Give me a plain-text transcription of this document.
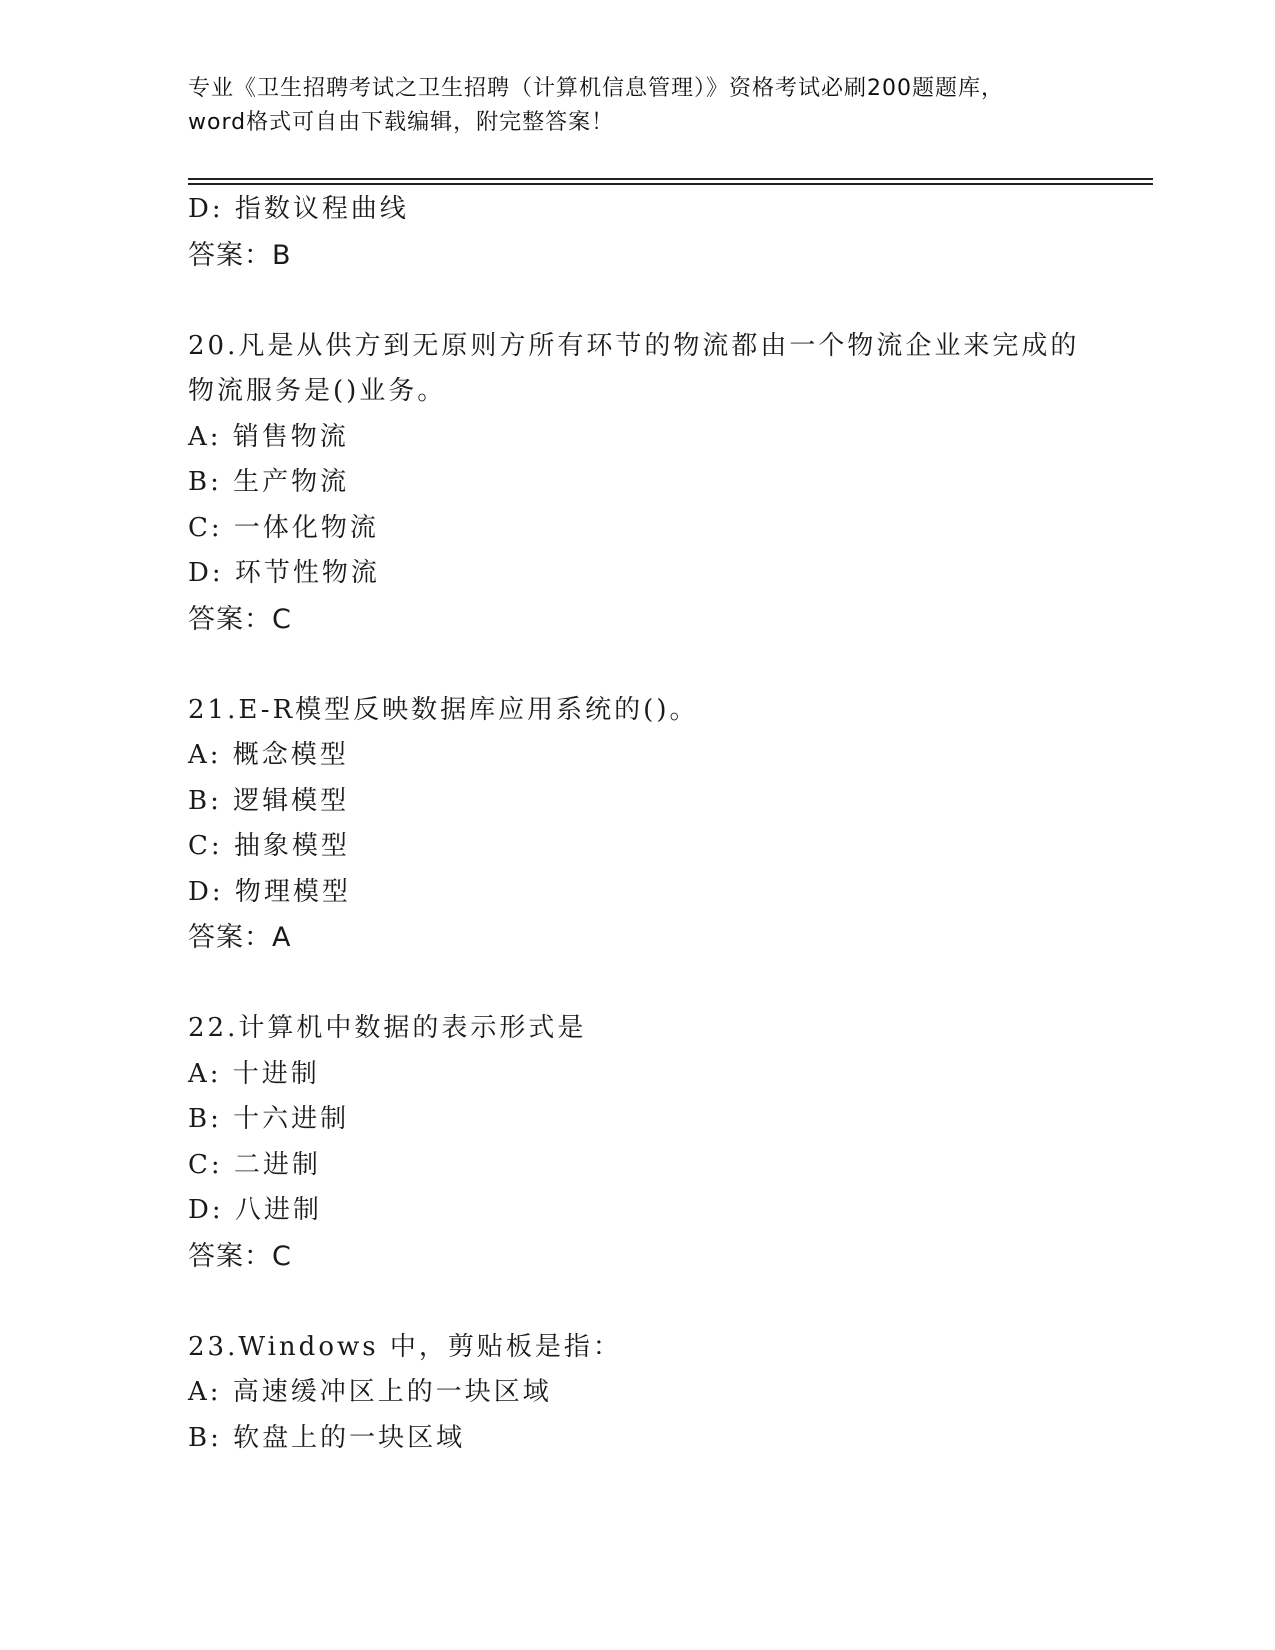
专业《卫生招聘考试之卫生招聘（计算机信息管理）》资格考试必刷200题题库，
word格式可自由下载编辑，附完整答案！
D: 指数议程曲线
答案：B
20.凡是从供方到无原则方所有环节的物流都由一个物流企业来完成的
物流服务是()业务。
A: 销售物流
B: 生产物流
C: 一体化物流
D: 环节性物流
答案：C
21.E-R模型反映数据库应用系统的()。
A: 概念模型
B: 逻辑模型
C: 抽象模型
D: 物理模型
答案：A
22.计算机中数据的表示形式是
A: 十进制
B: 十六进制
C: 二进制
D: 八进制
答案：C
23.Windows 中，剪贴板是指：
A: 高速缓冲区上的一块区域
B: 软盘上的一块区域
